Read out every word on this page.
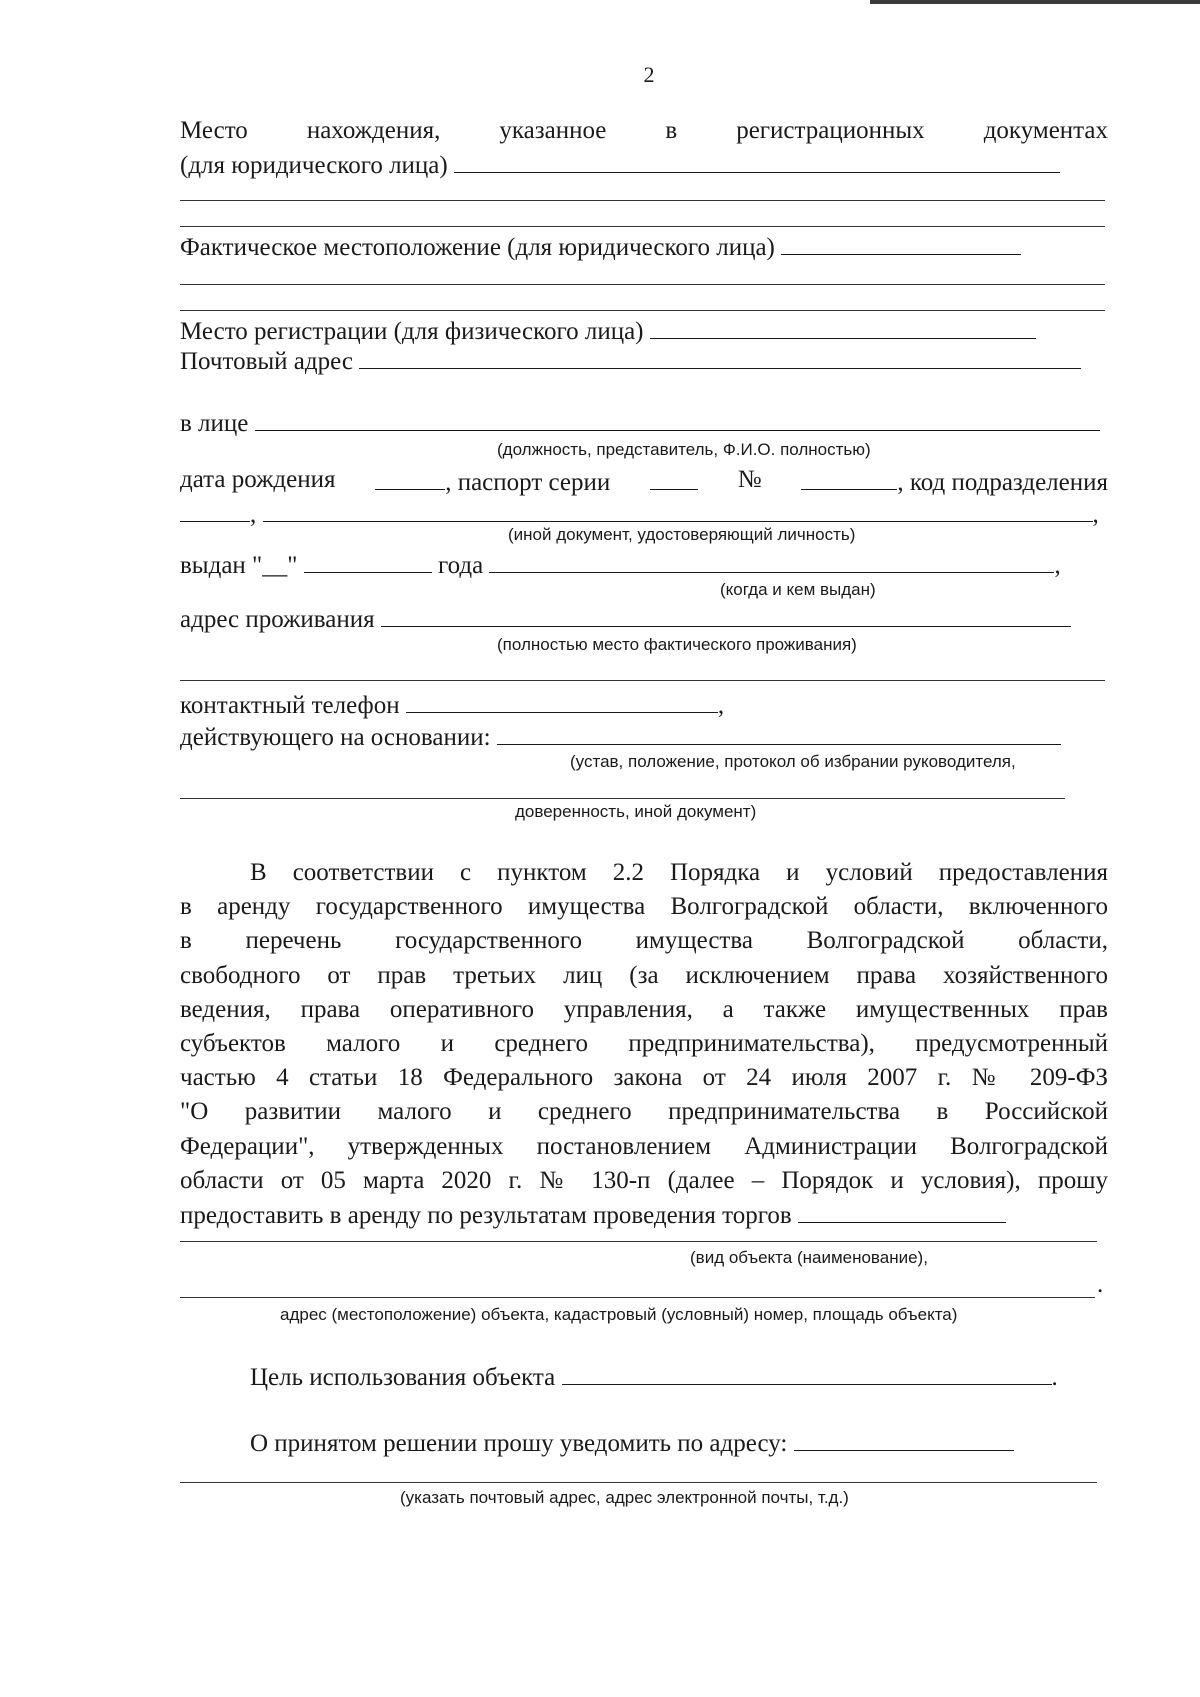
2
Место нахождения, указанное в регистрационных документах
(для юридического лица)
Фактическое местоположение (для юридического лица)
Место регистрации (для физического лица)
Почтовый адрес
в лице
(должность, представитель, Ф.И.О. полностью)
дата рождения	, паспорт серии	№	, код подразделения
,	,
(иной документ, удостоверяющий личность)
выдан "__"	года	,
(когда и кем выдан)
адрес проживания
(полностью место фактического проживания)
контактный телефон	,
действующего на основании:
(устав, положение, протокол об избрании руководителя,
доверенность, иной документ)
В соответствии с пунктом 2.2 Порядка и условий предоставления
в аренду государственного имущества Волгоградской области, включенного
в перечень государственного имущества Волгоградской области,
свободного от прав третьих лиц (за исключением права хозяйственного
ведения, права оперативного управления, а также имущественных прав
субъектов малого и среднего предпринимательства), предусмотренный
частью 4 статьи 18 Федерального закона от 24 июля 2007 г. № 209-ФЗ
"О развитии малого и среднего предпринимательства в Российской
Федерации", утвержденных постановлением Администрации Волгоградской
области от 05 марта 2020 г. № 130-п (далее – Порядок и условия), прошу
предоставить в аренду по результатам проведения торгов
(вид объекта (наименование),
.
адрес (местоположение) объекта, кадастровый (условный) номер, площадь объекта)
Цель использования объекта	.
О принятом решении прошу уведомить по адресу:
(указать почтовый адрес, адрес электронной почты, т.д.)
